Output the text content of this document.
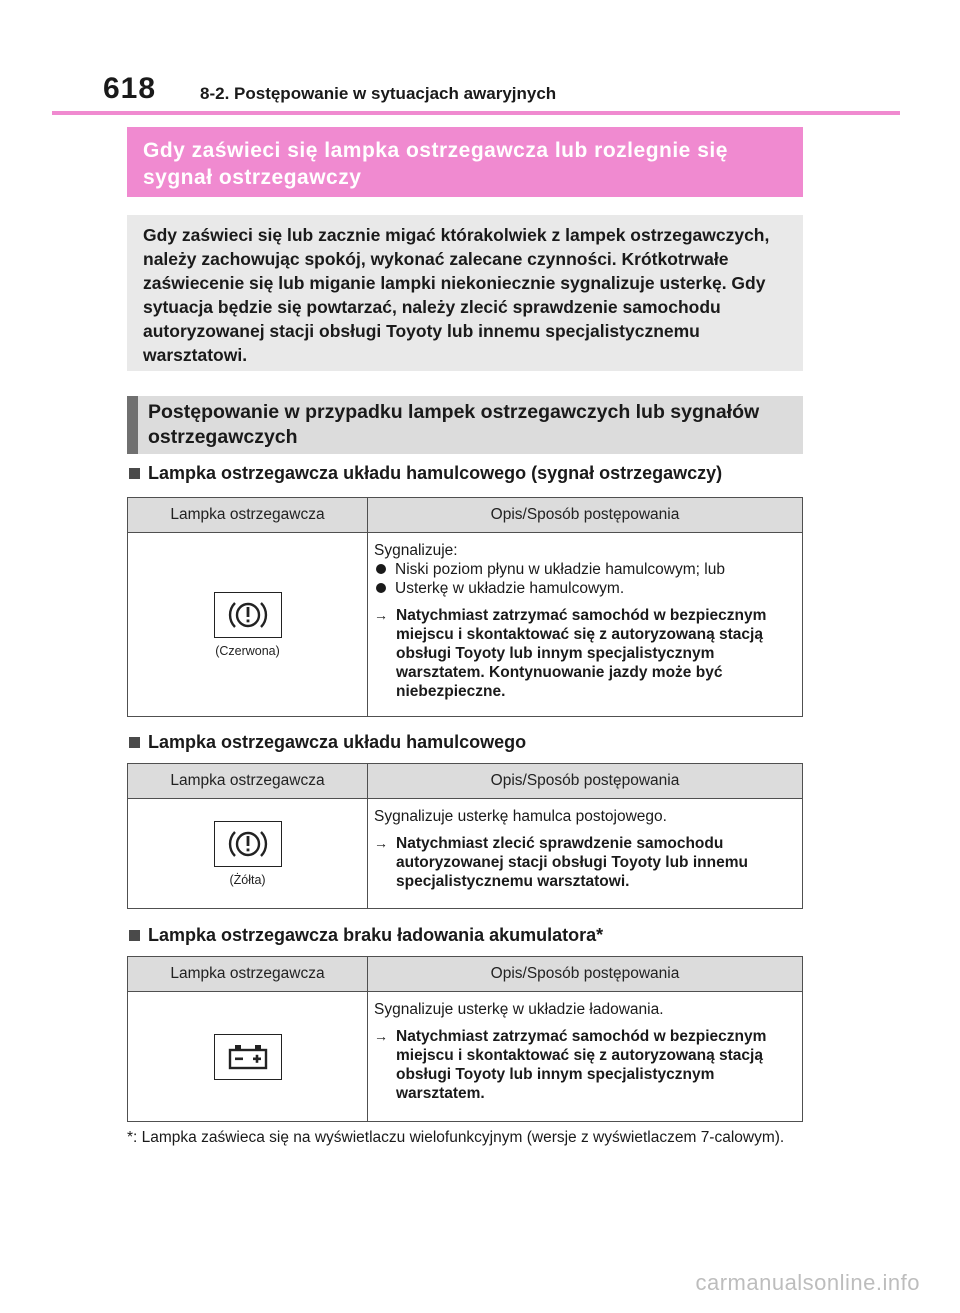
618	8-2. Postępowanie w sytuacjach awaryjnych
Gdy zaświeci się lampka ostrzegawcza lub rozlegnie się sygnał ostrzegawczy
Gdy zaświeci się lub zacznie migać którakolwiek z lampek ostrzegawczych, należy zachowując spokój, wykonać zalecane czynności. Krótkotrwałe zaświecenie się lub miganie lampki niekoniecznie sygnalizuje usterkę. Gdy sytuacja będzie się powtarzać, należy zlecić sprawdzenie samochodu autoryzowanej stacji obsługi Toyoty lub innemu specjalistycznemu warsztatowi.
Postępowanie w przypadku lampek ostrzegawczych lub sygnałów ostrzegawczych
Lampka ostrzegawcza układu hamulcowego (sygnał ostrzegawczy)
Lampka ostrzegawcza	Opis/Sposób postępowania
(Czerwona)
Sygnalizuje:
Niski poziom płynu w układzie hamulcowym; lub
Usterkę w układzie hamulcowym.
→ Natychmiast zatrzymać samochód w bezpiecznym miejscu i skontaktować się z autoryzowaną stacją obsługi Toyoty lub innym specjalistycznym warsztatem. Kontynuowanie jazdy może być niebezpieczne.
Lampka ostrzegawcza układu hamulcowego
Lampka ostrzegawcza	Opis/Sposób postępowania
(Żółta)
Sygnalizuje usterkę hamulca postojowego.
→ Natychmiast zlecić sprawdzenie samochodu autoryzowanej stacji obsługi Toyoty lub innemu specjalistycznemu warsztatowi.
Lampka ostrzegawcza braku ładowania akumulatora*
Lampka ostrzegawcza	Opis/Sposób postępowania
Sygnalizuje usterkę w układzie ładowania.
→ Natychmiast zatrzymać samochód w bezpiecznym miejscu i skontaktować się z autoryzowaną stacją obsługi Toyoty lub innym specjalistycznym warsztatem.
*: Lampka zaświeca się na wyświetlaczu wielofunkcyjnym (wersje z wyświetlaczem 7-calowym).
carmanualsonline.info
